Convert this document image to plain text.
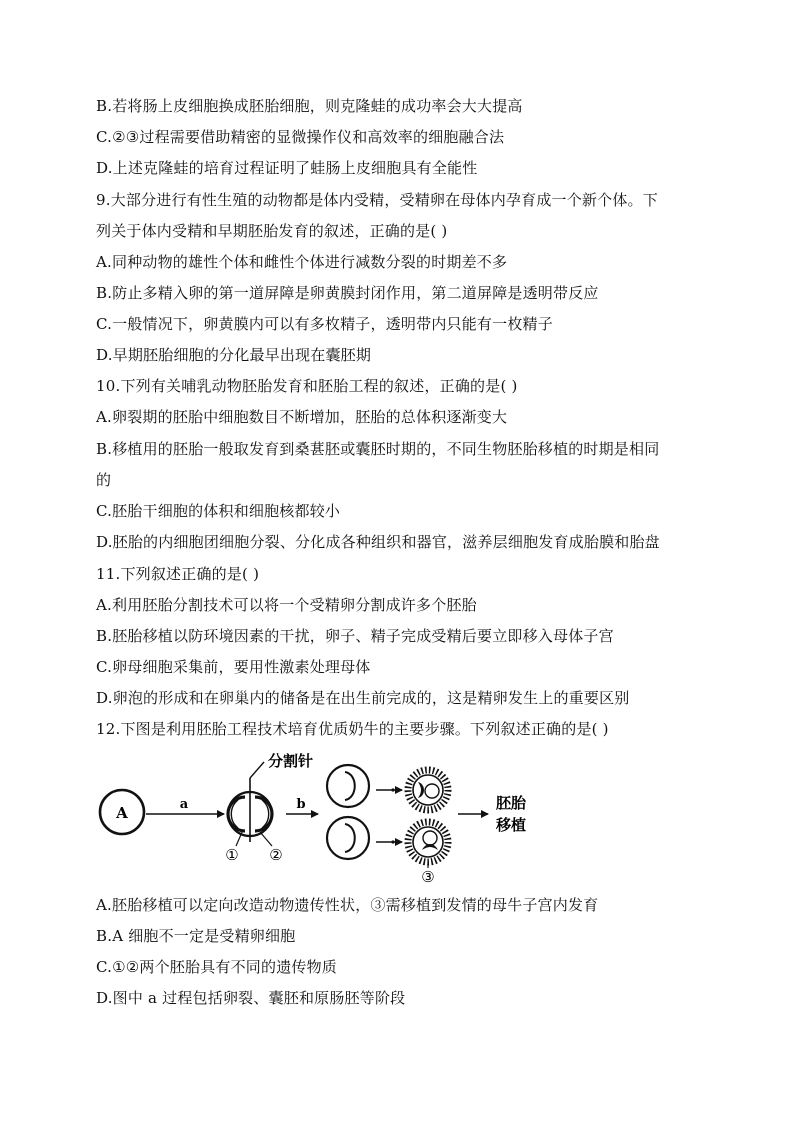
B.若将肠上皮细胞换成胚胎细胞，则克隆蛙的成功率会大大提高
C.②③过程需要借助精密的显微操作仪和高效率的细胞融合法
D.上述克隆蛙的培育过程证明了蛙肠上皮细胞具有全能性
9.大部分进行有性生殖的动物都是体内受精，受精卵在母体内孕育成一个新个体。下
列关于体内受精和早期胚胎发育的叙述，正确的是( )
A.同种动物的雄性个体和雌性个体进行减数分裂的时期差不多
B.防止多精入卵的第一道屏障是卵黄膜封闭作用，第二道屏障是透明带反应
C.一般情况下，卵黄膜内可以有多枚精子，透明带内只能有一枚精子
D.早期胚胎细胞的分化最早出现在囊胚期
10.下列有关哺乳动物胚胎发育和胚胎工程的叙述，正确的是( )
A.卵裂期的胚胎中细胞数目不断增加，胚胎的总体积逐渐变大
B.移植用的胚胎一般取发育到桑葚胚或囊胚时期的，不同生物胚胎移植的时期是相同
的
C.胚胎干细胞的体积和细胞核都较小
D.胚胎的内细胞团细胞分裂、分化成各种组织和器官，滋养层细胞发育成胎膜和胎盘
11.下列叙述正确的是( )
A.利用胚胎分割技术可以将一个受精卵分割成许多个胚胎
B.胚胎移植以防环境因素的干扰，卵子、精子完成受精后要立即移入母体子宫
C.卵母细胞采集前，要用性激素处理母体
D.卵泡的形成和在卵巢内的储备是在出生前完成的，这是精卵发生上的重要区别
12.下图是利用胚胎工程技术培育优质奶牛的主要步骤。下列叙述正确的是( )
A	a
分割针
① ②
b
③
胚胎
移植
A.胚胎移植可以定向改造动物遗传性状，③需移植到发情的母牛子宫内发育
B.A 细胞不一定是受精卵细胞
C.①②两个胚胎具有不同的遗传物质
D.图中 a 过程包括卵裂、囊胚和原肠胚等阶段
